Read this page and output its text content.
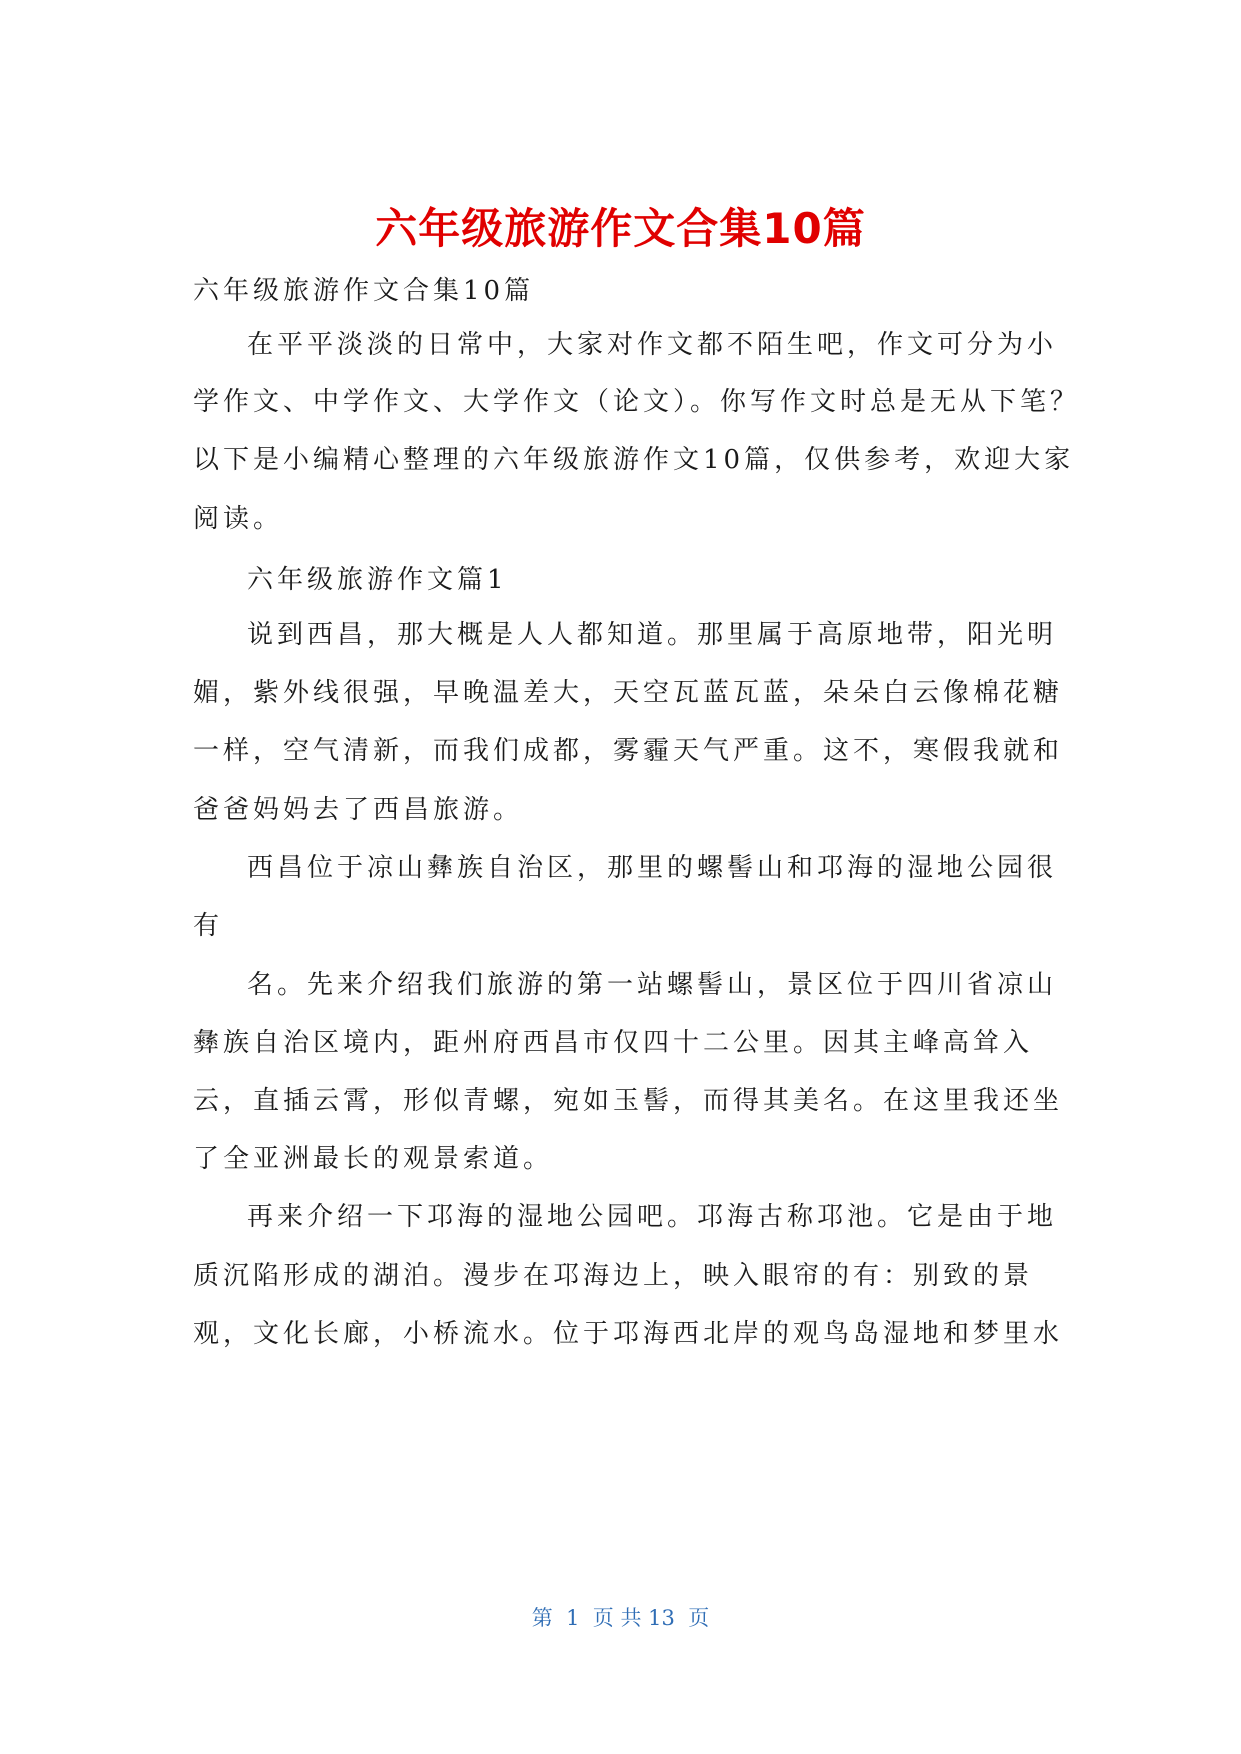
六年级旅游作文合集10篇
六年级旅游作文合集10篇
在平平淡淡的日常中，大家对作文都不陌生吧，作文可分为小
学作文、中学作文、大学作文（论文）。你写作文时总是无从下笔？
以下是小编精心整理的六年级旅游作文10篇，仅供参考，欢迎大家
阅读。
六年级旅游作文篇1
说到西昌，那大概是人人都知道。那里属于高原地带，阳光明
媚，紫外线很强，早晚温差大，天空瓦蓝瓦蓝，朵朵白云像棉花糖
一样，空气清新，而我们成都，雾霾天气严重。这不，寒假我就和
爸爸妈妈去了西昌旅游。
西昌位于凉山彝族自治区，那里的螺髻山和邛海的湿地公园很
有
名。先来介绍我们旅游的第一站螺髻山，景区位于四川省凉山
彝族自治区境内，距州府西昌市仅四十二公里。因其主峰高耸入
云，直插云霄，形似青螺，宛如玉髻，而得其美名。在这里我还坐
了全亚洲最长的观景索道。
再来介绍一下邛海的湿地公园吧。邛海古称邛池。它是由于地
质沉陷形成的湖泊。漫步在邛海边上，映入眼帘的有：别致的景
观，文化长廊，小桥流水。位于邛海西北岸的观鸟岛湿地和梦里水
第  1  页 共 13  页
